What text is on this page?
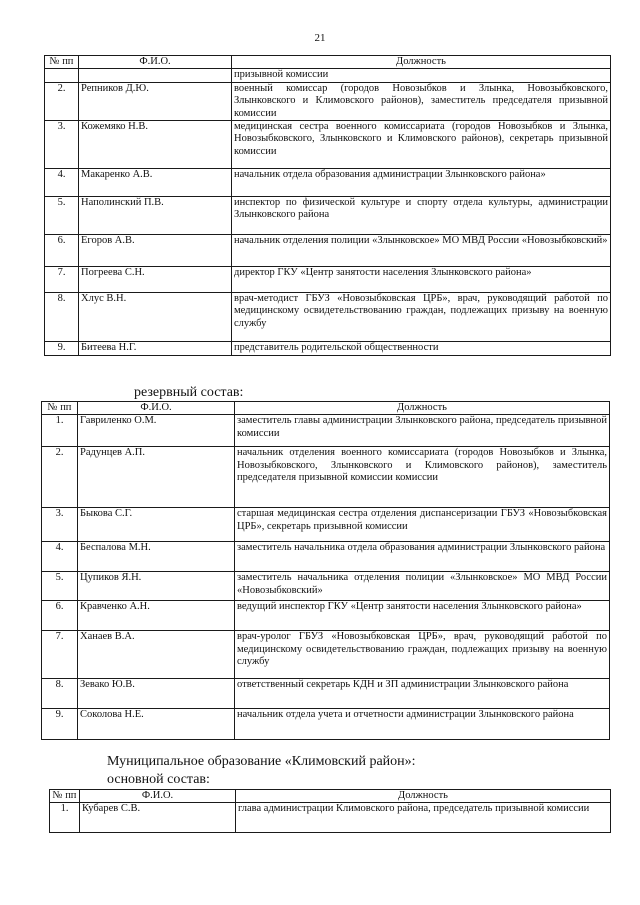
21
№ пп	Ф.И.О.	Должность
		призывной комиссии
2.	Репников Д.Ю.	военный комиссар (городов Новозыбков и Злынка, Новозыбковского, Злынковского и Климовского районов), заместитель председателя призывной комиссии
3.	Кожемяко Н.В.	медицинская сестра военного комиссариата (городов Новозыбков и Злынка, Новозыбковского, Злынковского и Климовского районов), секретарь призывной комиссии
4.	Макаренко А.В.	начальник отдела образования администрации Злынковского района»
5.	Наполинский П.В.	инспектор по физической культуре и спорту отдела культуры, администрации Злынковского района
6.	Егоров А.В.	начальник отделения полиции «Злынковское» МО МВД России «Новозыбковский»
7.	Погреева С.Н.	директор ГКУ «Центр занятости населения Злынковского района»
8.	Хлус В.Н.	врач-методист ГБУЗ «Новозыбковская ЦРБ», врач, руководящий работой по медицинскому освидетельствованию граждан, подлежащих призыву на военную службу
9.	Битеева Н.Г.	представитель родительской общественности
резервный состав:
№ пп	Ф.И.О.	Должность
1.	Гавриленко О.М.	заместитель главы администрации Злынковского района, председатель призывной комиссии
2.	Радунцев А.П.	начальник отделения военного комиссариата (городов Новозыбков и Злынка, Новозыбковского, Злынковского и Климовского районов), заместитель председателя призывной комиссии комиссии
3.	Быкова С.Г.	старшая медицинская сестра отделения диспансеризации ГБУЗ «Новозыбковская ЦРБ», секретарь призывной комиссии
4.	Беспалова М.Н.	заместитель начальника отдела образования администрации Злынковского района
5.	Цупиков Я.Н.	заместитель начальника отделения полиции «Злынковское» МО МВД России «Новозыбковский»
6.	Кравченко А.Н.	ведущий инспектор ГКУ «Центр занятости населения Злынковского района»
7.	Ханаев В.А.	врач-уролог ГБУЗ «Новозыбковская ЦРБ», врач, руководящий работой по медицинскому освидетельствованию граждан, подлежащих призыву на военную службу
8.	Зевако Ю.В.	ответственный секретарь КДН и ЗП администрации Злынковского района
9.	Соколова Н.Е.	начальник отдела учета и отчетности администрации Злынковского района
Муниципальное образование «Климовский район»:
основной состав:
№ пп	Ф.И.О.	Должность
1.	Кубарев С.В.	глава администрации Климовского района, председатель призывной комиссии
